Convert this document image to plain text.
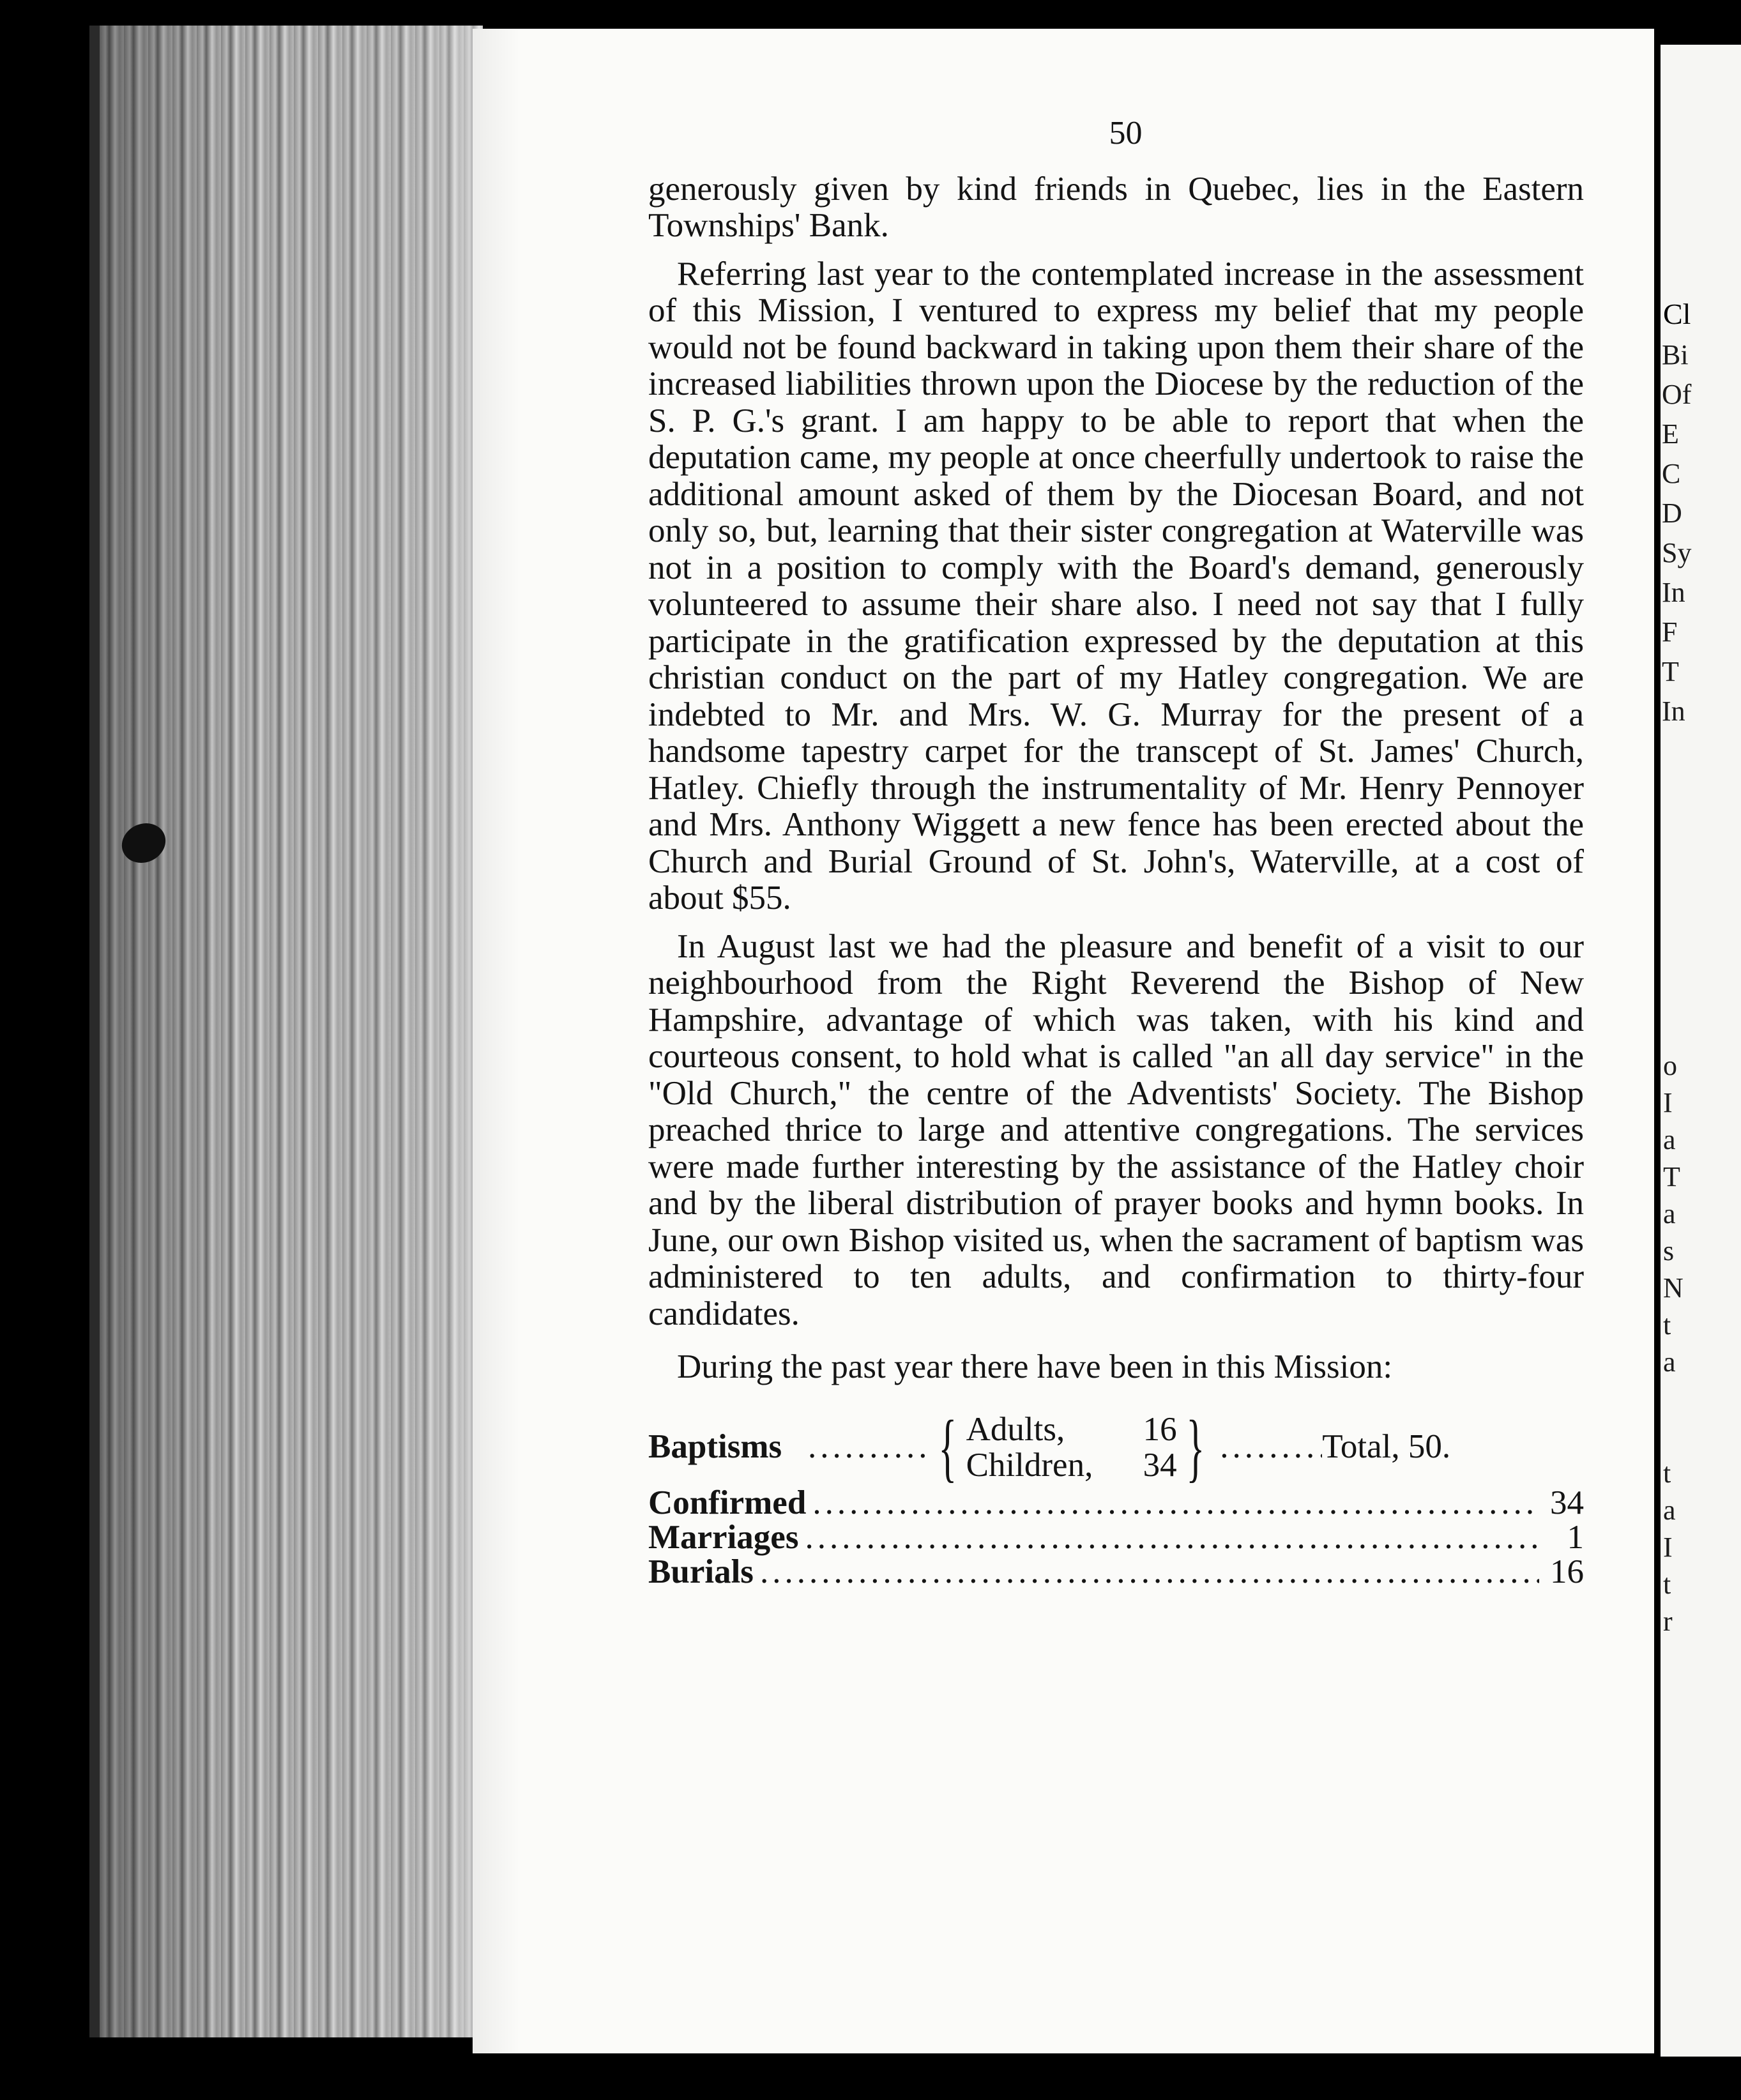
Cl
Bi
Of
E
C
D
Sy
In
F
T
In
o
I
a
T
a
s
N
t
a
t
a
I
t
r
50

generously given by kind friends in Quebec, lies in the Eastern Townships' Bank.

Referring last year to the contemplated increase in the assessment of this Mission, I ventured to express my belief that my people would not be found backward in taking upon them their share of the increased liabilities thrown upon the Diocese by the reduction of the S. P. G.'s grant. I am happy to be able to report that when the deputation came, my people at once cheerfully undertook to raise the additional amount asked of them by the Diocesan Board, and not only so, but, learning that their sister congregation at Waterville was not in a position to comply with the Board's demand, generously volunteered to assume their share also. I need not say that I fully participate in the gratification expressed by the deputation at this christian conduct on the part of my Hatley congregation. We are indebted to Mr. and Mrs. W. G. Murray for the present of a handsome tapestry carpet for the transcept of St. James' Church, Hatley. Chiefly through the instrumentality of Mr. Henry Pennoyer and Mrs. Anthony Wiggett a new fence has been erected about the Church and Burial Ground of St. John's, Waterville, at a cost of about $55.

In August last we had the pleasure and benefit of a visit to our neighbourhood from the Right Reverend the Bishop of New Hampshire, advantage of which was taken, with his kind and courteous consent, to hold what is called "an all day service" in the "Old Church," the centre of the Adventists' Society. The Bishop preached thrice to large and attentive congregations. The services were made further interesting by the assistance of the Hatley choir and by the liberal distribution of prayer books and hymn books. In June, our own Bishop visited us, when the sacrament of baptism was administered to ten adults, and confirmation to thirty-four candidates.

During the past year there have been in this Mission:

Baptisms .....	{ Adults, 16
Children, 34 }
.....	Total, 50.
Confirmed .....	34
Marriages .....	1
Burials .....	16
